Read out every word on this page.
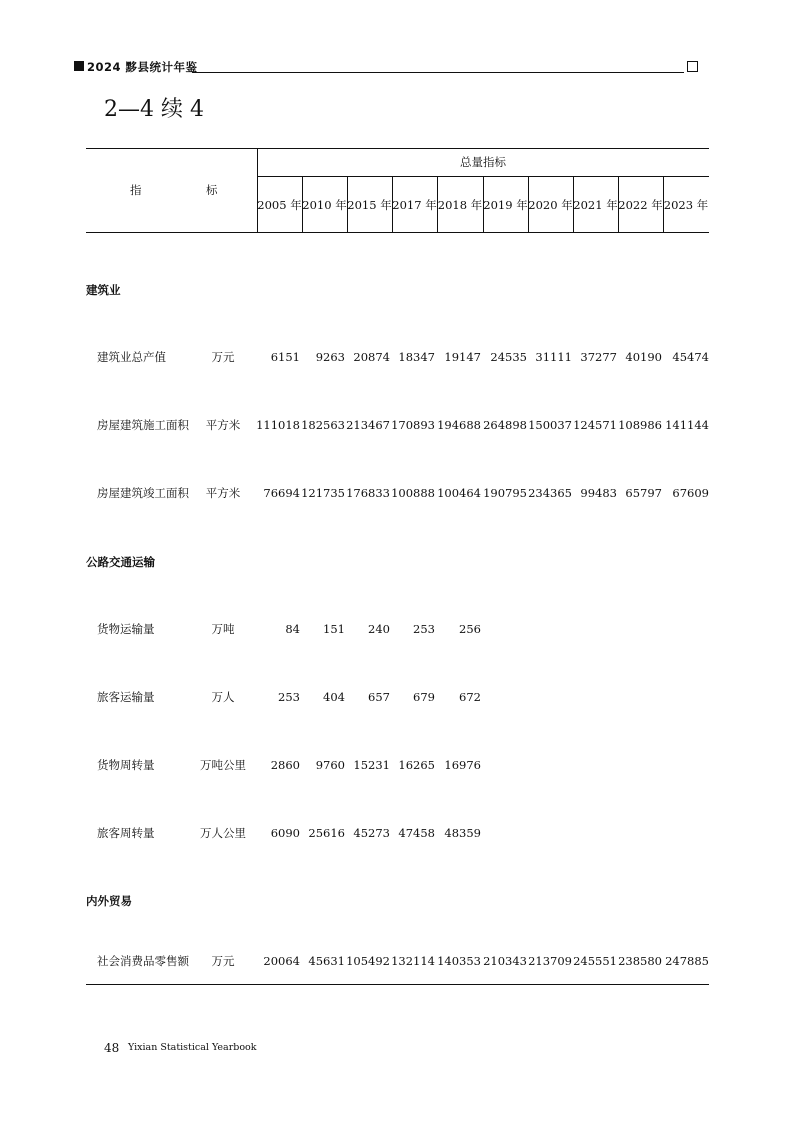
2024 黟县统计年鉴
2—4 续 4
指	标
总量指标
2005 年 2010 年 2015 年 2017 年 2018 年 2019 年 2020 年 2021 年 2022 年 2023 年
建筑业
建筑业总产值	万元	6151	9263 20874 18347 19147 24535 31111 37277 40190 45474
房屋建筑施工面积	平方米	111018 182563 213467 170893 194688 264898 150037 124571 108986 141144
房屋建筑竣工面积	平方米	76694 121735 176833 100888 100464 190795 234365 99483 65797 67609
公路交通运输
货物运输量	万吨	84	151	240	253	256
旅客运输量	万人	253	404	657	679	672
货物周转量	万吨公里	2860	9760 15231 16265 16976
旅客周转量	万人公里	6090 25616 45273 47458 48359
内外贸易
社会消费品零售额	万元	20064 45631 105492 132114 140353 210343 213709 245551 238580 247885
48 Yixian Statistical Yearbook
